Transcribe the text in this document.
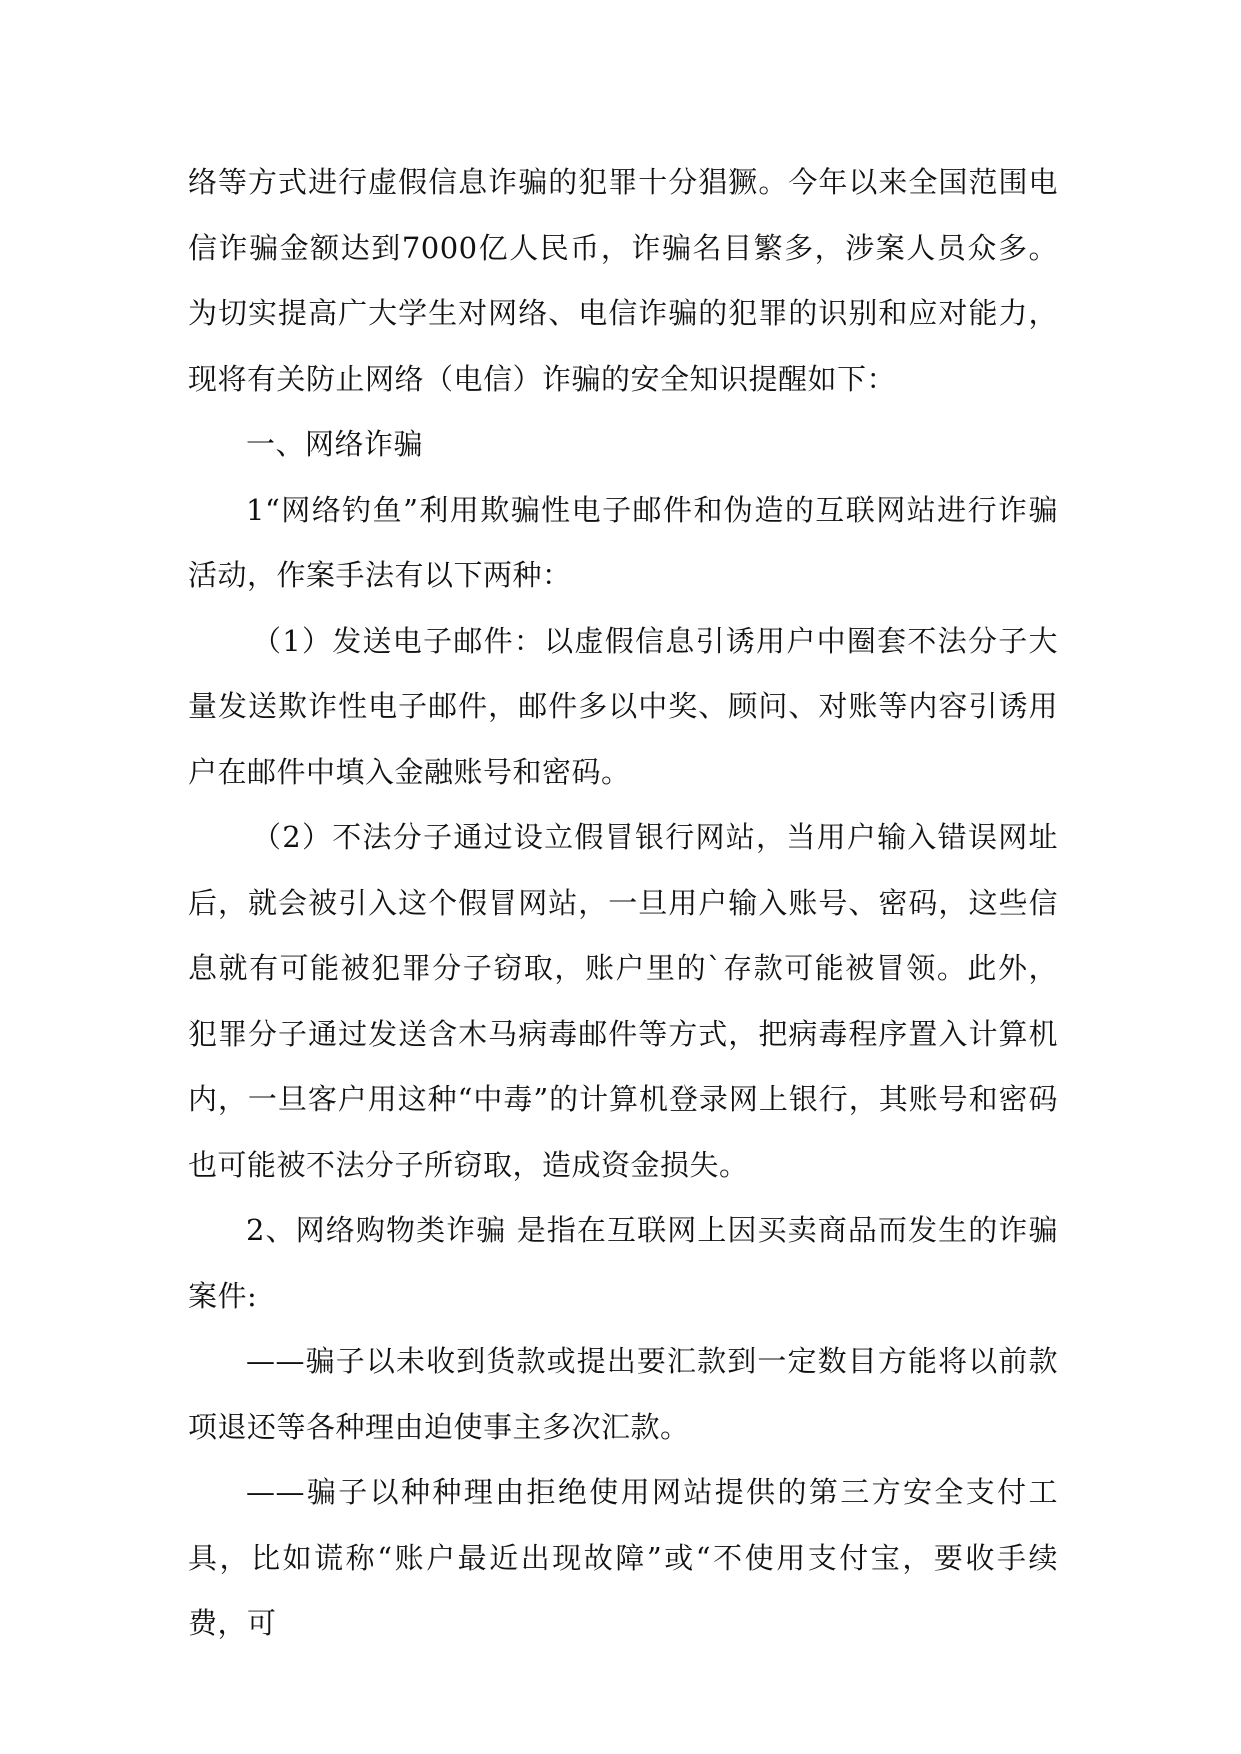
络等方式进行虚假信息诈骗的犯罪十分猖獗。今年以来全国范围电信诈骗金额达到7000亿人民币，诈骗名目繁多，涉案人员众多。为切实提高广大学生对网络、电信诈骗的犯罪的识别和应对能力，现将有关防止网络（电信）诈骗的安全知识提醒如下：

一、网络诈骗

1“网络钓鱼”利用欺骗性电子邮件和伪造的互联网站进行诈骗活动，作案手法有以下两种：

（1）发送电子邮件：以虚假信息引诱用户中圈套不法分子大量发送欺诈性电子邮件，邮件多以中奖、顾问、对账等内容引诱用户在邮件中填入金融账号和密码。

（2）不法分子通过设立假冒银行网站，当用户输入错误网址后，就会被引入这个假冒网站，一旦用户输入账号、密码，这些信息就有可能被犯罪分子窃取，账户里的`存款可能被冒领。此外，犯罪分子通过发送含木马病毒邮件等方式，把病毒程序置入计算机内，一旦客户用这种“中毒”的计算机登录网上银行，其账号和密码也可能被不法分子所窃取，造成资金损失。

2、网络购物类诈骗 是指在互联网上因买卖商品而发生的诈骗案件:

——骗子以未收到货款或提出要汇款到一定数目方能将以前款项退还等各种理由迫使事主多次汇款。

——骗子以种种理由拒绝使用网站提供的第三方安全支付工具，比如谎称“账户最近出现故障”或“不使用支付宝，要收手续费，可
